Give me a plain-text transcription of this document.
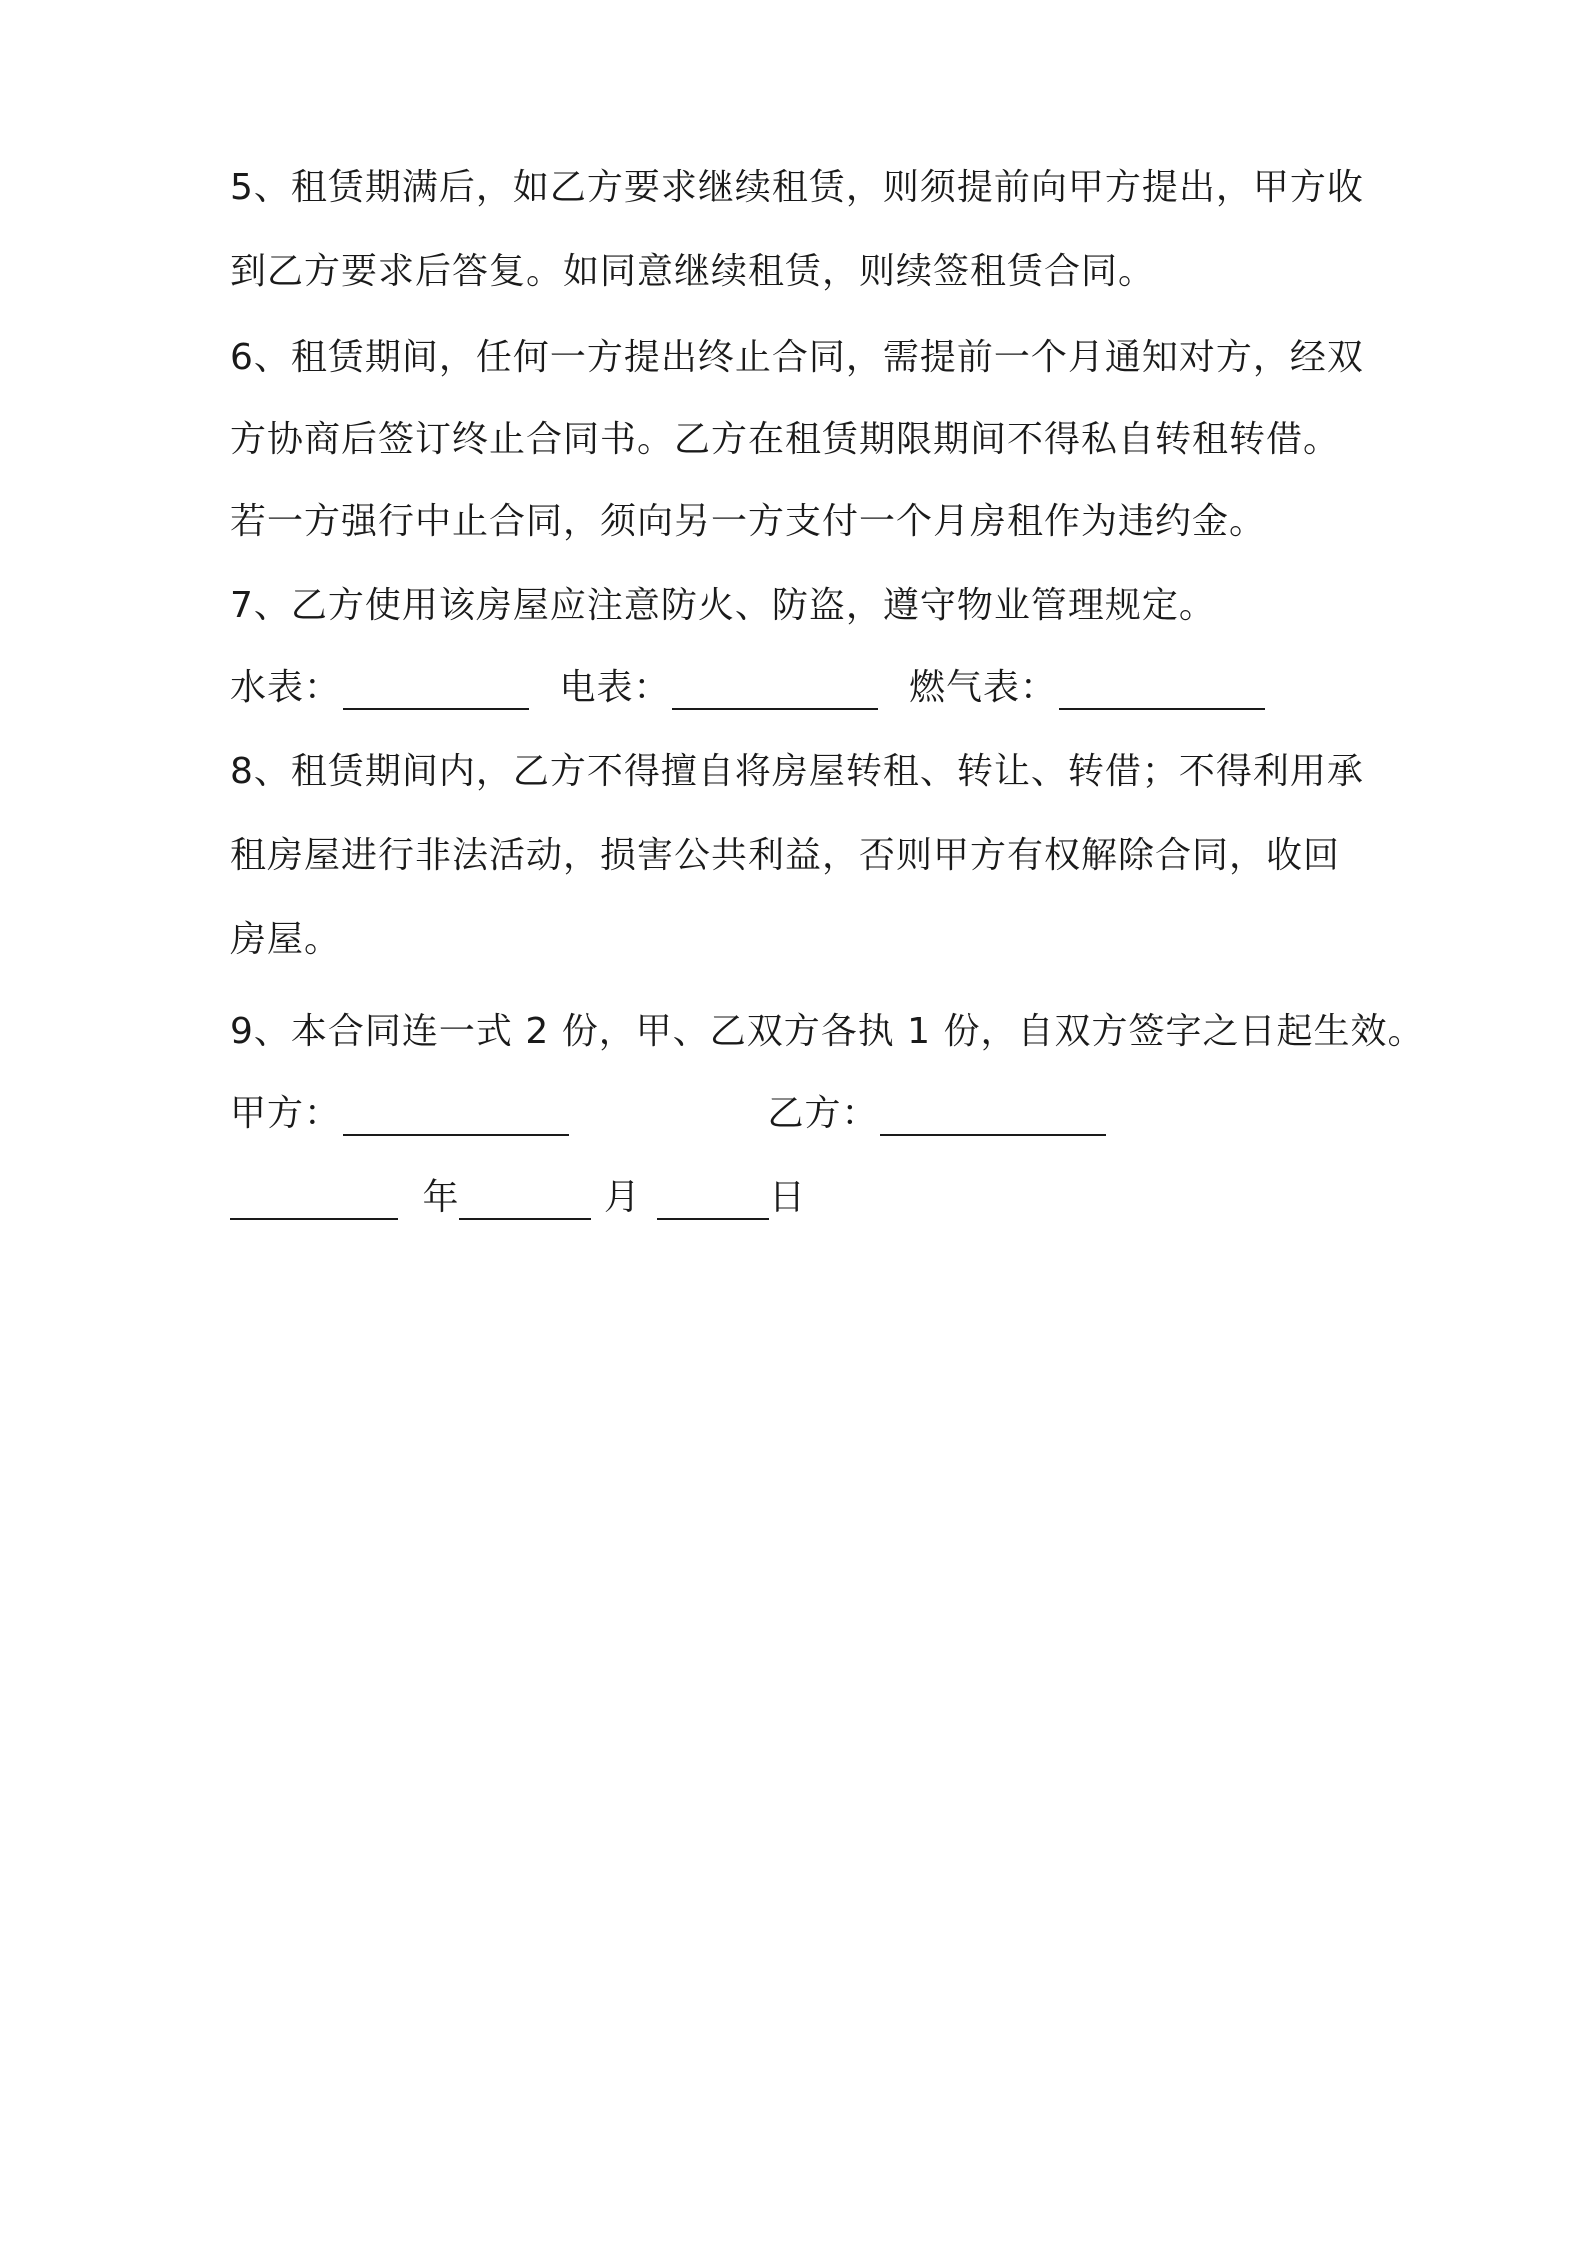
5、租赁期满后，如乙方要求继续租赁，则须提前向甲方提出，甲方收
到乙方要求后答复。如同意继续租赁，则续签租赁合同。
6、租赁期间，任何一方提出终止合同，需提前一个月通知对方，经双
方协商后签订终止合同书。乙方在租赁期限期间不得私自转租转借。
若一方强行中止合同，须向另一方支付一个月房租作为违约金。
7、乙方使用该房屋应注意防火、防盗，遵守物业管理规定。
水表：	电表：	燃气表：
8、租赁期间内，乙方不得擅自将房屋转租、转让、转借；不得利用承
租房屋进行非法活动，损害公共利益，否则甲方有权解除合同，收回
房屋。
9、本合同连一式 2 份，甲、乙双方各执 1 份，自双方签字之日起生效。
甲方：	乙方：
年	月	日
